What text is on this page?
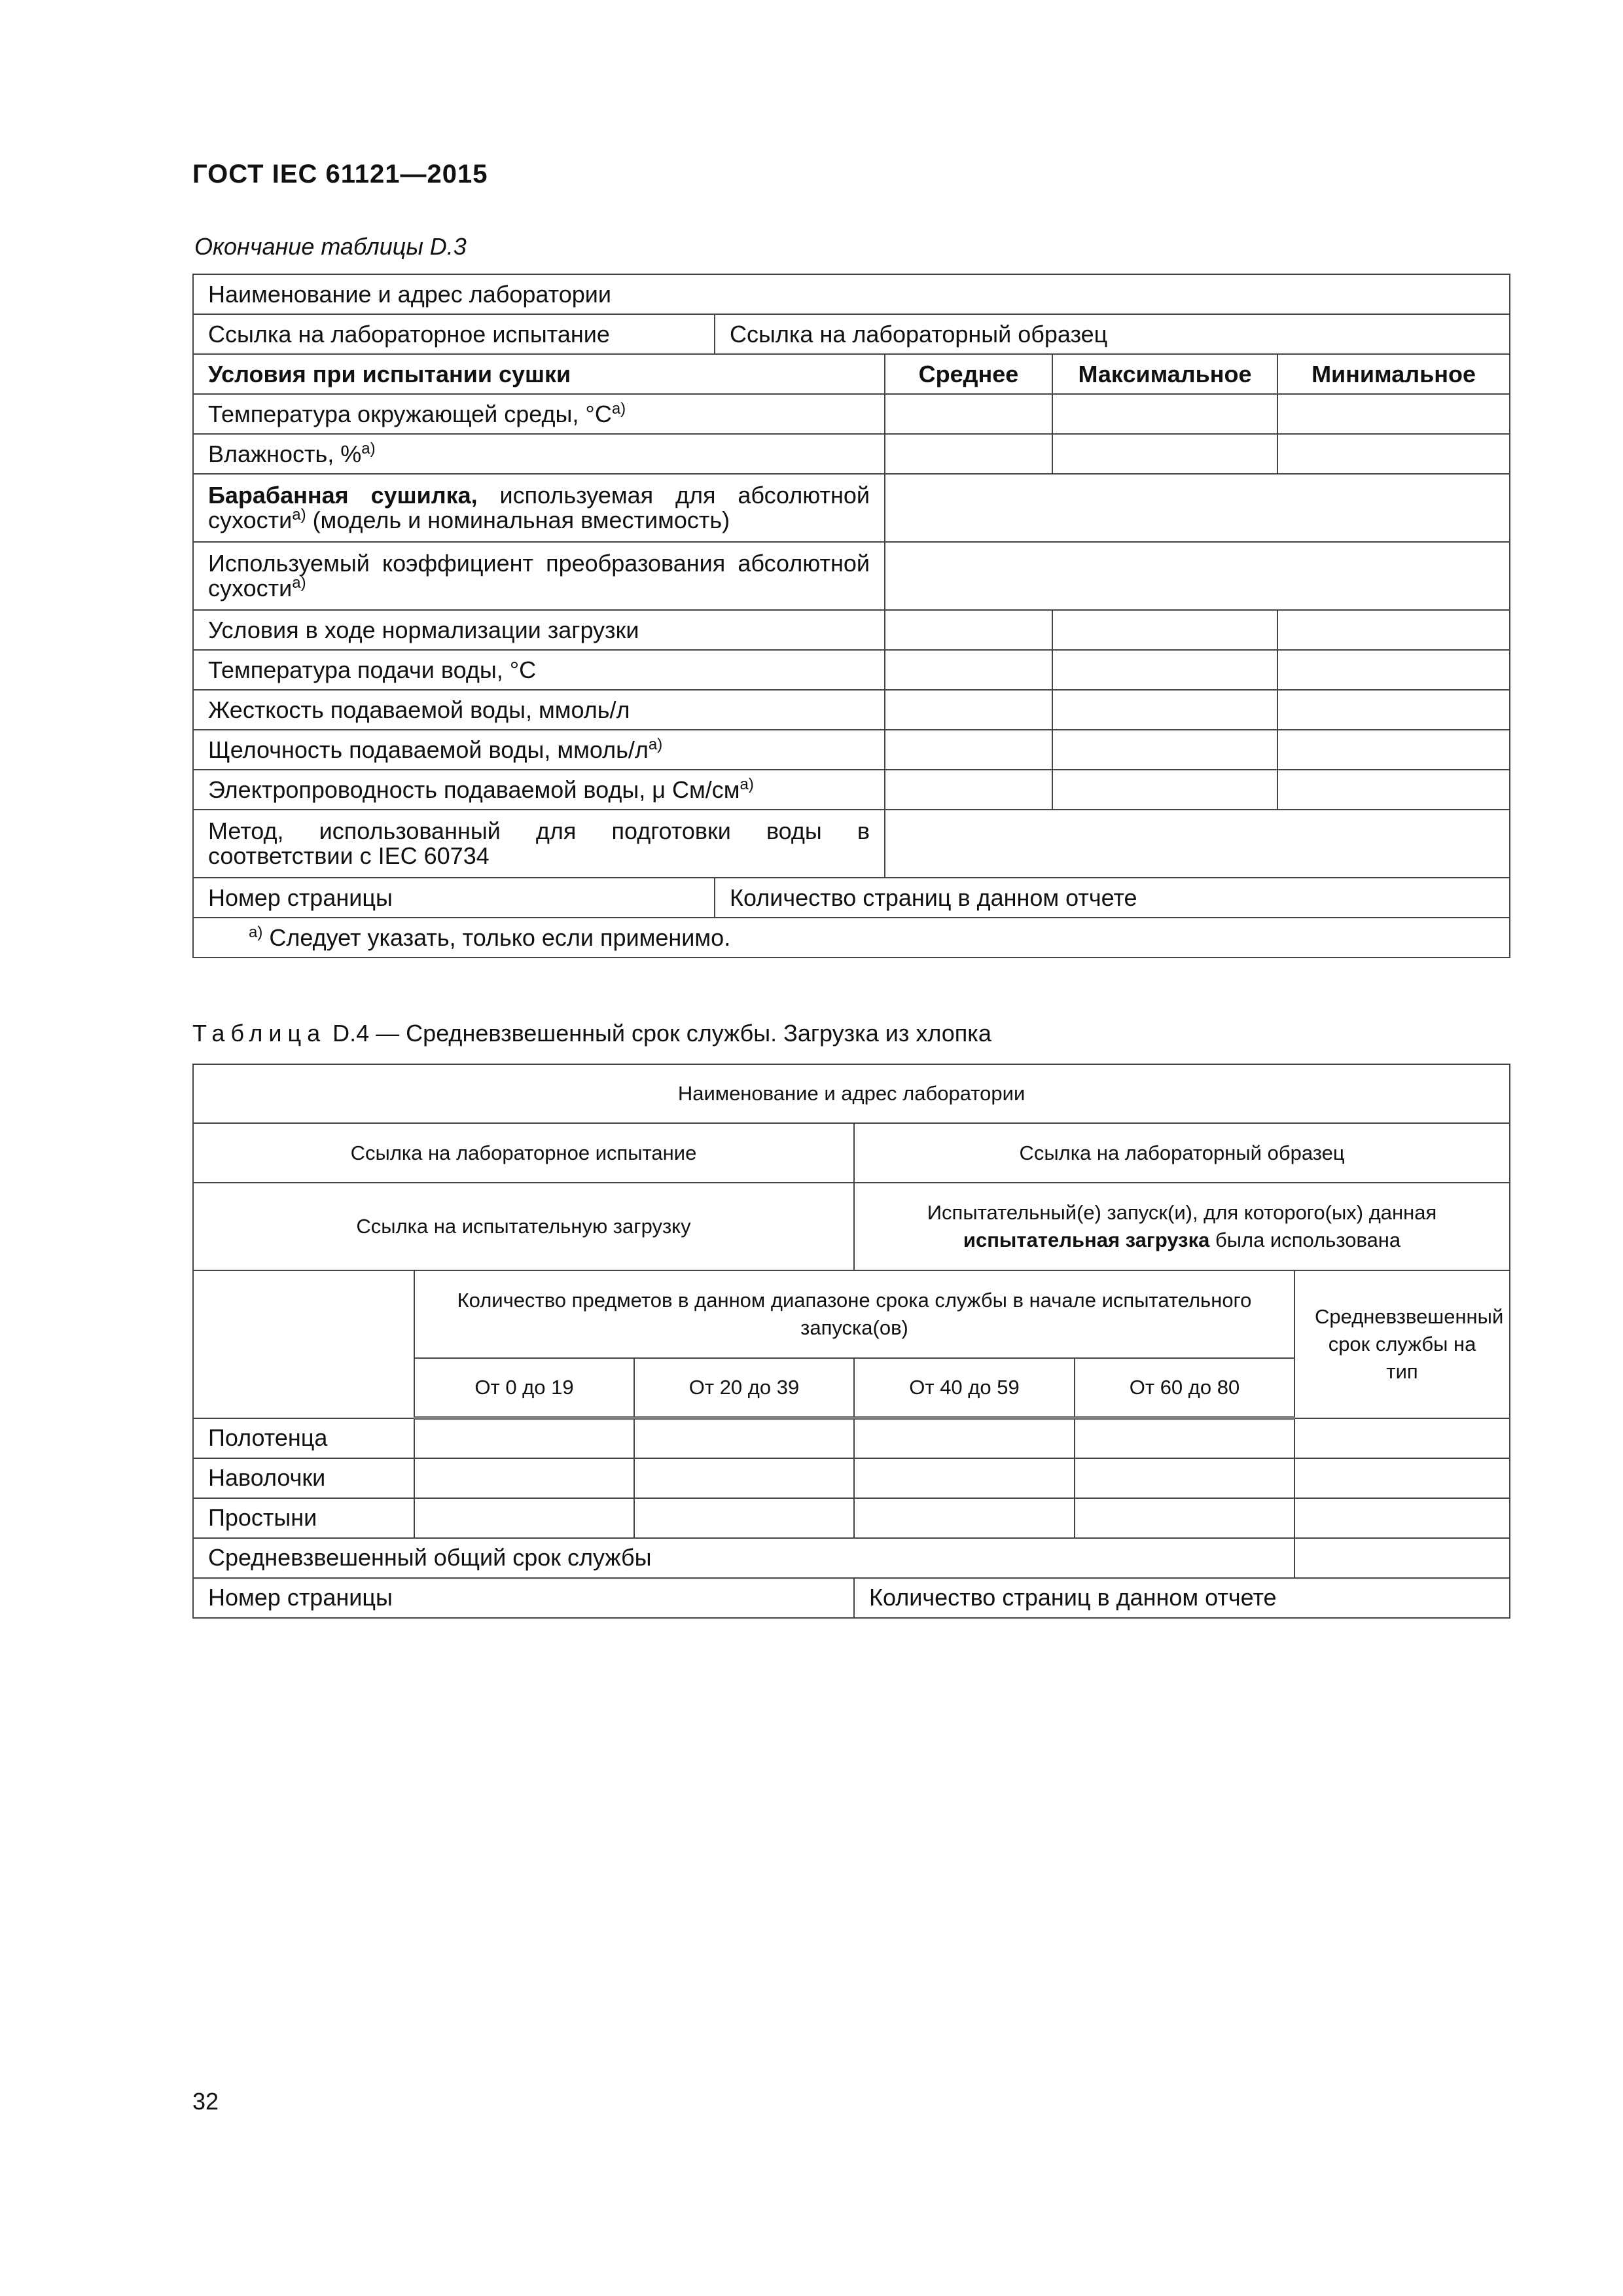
ГОСТ IEC 61121—2015
Окончание таблицы D.3
Наименование и адрес лаборатории				
Ссылка на лабораторное испытание	Ссылка на лабораторный образец			
Условия при испытании сушки		Среднее	Максимальное	Минимальное
Температура окружающей среды, $^\circ C^{a)}$			
Влажность, %$^{a)}$			
Барабанная сушилка, используемая для абсолютной сухости$^{a)}$ (модель и номинальная вместимость)				
Используемый коэффициент преобразования абсолютной сухости$^{a)}$	
Условия в ходе нормализации загрузки				
Температура подачи воды, °C				
Жесткость подаваемой воды, ммоль/л				
Щелочность подаваемой воды, ммоль/$л^{a)}$			
Электропроводность подаваемой воды, μ $См/см^{a)}$			
Метод, использованный для подготовки воды в соответствии с IEC 60734				
Номер страницы	Количество страниц в данном отчете			
$^{a)}$ Следует указать, только если применимо.				
Таблица D.4 — Средневзвешенный срок службы. Загрузка из хлопка
Наименование и адрес лаборатории					
Ссылка на лабораторное испытание			Ссылка на лабораторный образец		
Ссылка на испытательную загрузку			Испытательный(е) запуск(и), для которого(ых) данная
испытательная загрузка была использована		
	Количество предметов в данном диапазоне срока службы в начале испытательного запуска(ов)				Средневзвешенный срок службы на тип
	От 0 до 19	От 20 до 39	От 40 до 59	От 60 до 80	
Полотенца					
Наволочки					
Простыни					
Средневзвешенный общий срок службы					
Номер страницы			Количество страниц в данном отчете		
32
